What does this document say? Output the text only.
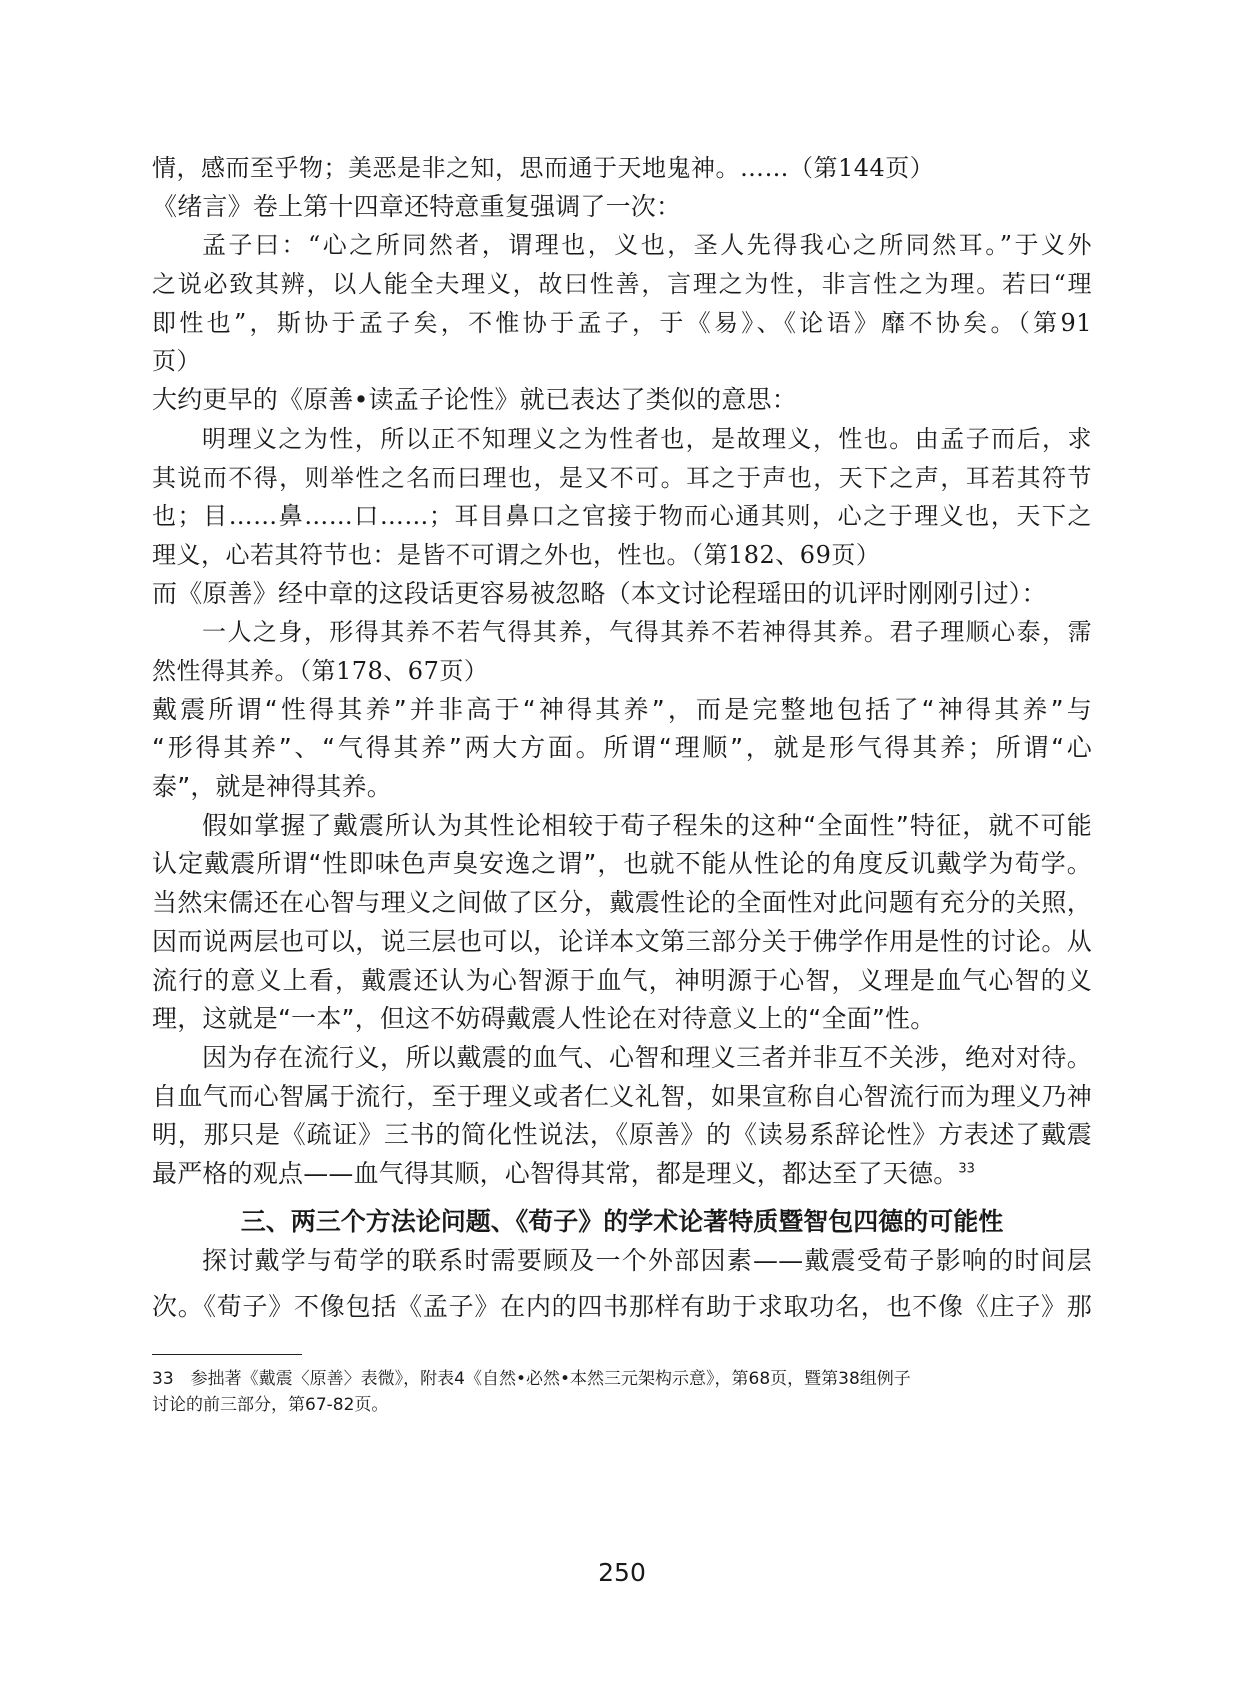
情，感而至乎物；美恶是非之知，思而通于天地鬼神。……（第144页）
《绪言》卷上第十四章还特意重复强调了一次：
孟子曰：“心之所同然者，谓理也，义也，圣人先得我心之所同然耳。”于义外
之说必致其辨，以人能全夫理义，故曰性善，言理之为性，非言性之为理。若曰“理
即性也”，斯协于孟子矣，不惟协于孟子，于《易》、《论语》靡不协矣。（第91
页）
大约更早的《原善•读孟子论性》就已表达了类似的意思：
明理义之为性，所以正不知理义之为性者也，是故理义，性也。由孟子而后，求
其说而不得，则举性之名而曰理也，是又不可。耳之于声也，天下之声，耳若其符节
也；目……鼻……口……；耳目鼻口之官接于物而心通其则，心之于理义也，天下之
理义，心若其符节也：是皆不可谓之外也，性也。（第182、69页）
而《原善》经中章的这段话更容易被忽略（本文讨论程瑶田的讥评时刚刚引过）：
一人之身，形得其养不若气得其养，气得其养不若神得其养。君子理顺心泰，霈
然性得其养。（第178、67页）
戴震所谓“性得其养”并非高于“神得其养”，而是完整地包括了“神得其养”与
“形得其养”、“气得其养”两大方面。所谓“理顺”，就是形气得其养；所谓“心
泰”，就是神得其养。
假如掌握了戴震所认为其性论相较于荀子程朱的这种“全面性”特征，就不可能
认定戴震所谓“性即味色声臭安逸之谓”，也就不能从性论的角度反讥戴学为荀学。
当然宋儒还在心智与理义之间做了区分，戴震性论的全面性对此问题有充分的关照，
因而说两层也可以，说三层也可以，论详本文第三部分关于佛学作用是性的讨论。从
流行的意义上看，戴震还认为心智源于血气，神明源于心智，义理是血气心智的义
理，这就是“一本”，但这不妨碍戴震人性论在对待意义上的“全面”性。
因为存在流行义，所以戴震的血气、心智和理义三者并非互不关涉，绝对对待。
自血气而心智属于流行，至于理义或者仁义礼智，如果宣称自心智流行而为理义乃神
明，那只是《疏证》三书的简化性说法，《原善》的《读易系辞论性》方表述了戴震
最严格的观点——血气得其顺，心智得其常，都是理义，都达至了天德。$^{33}$
三、两三个方法论问题、《荀子》的学术论著特质暨智包四德的可能性
探讨戴学与荀学的联系时需要顾及一个外部因素——戴震受荀子影响的时间层
次。《荀子》不像包括《孟子》在内的四书那样有助于求取功名，也不像《庄子》那
33　参拙著《戴震〈原善〉表微》，附表4《自然•必然•本然三元架构示意》，第68页，暨第38组例子
讨论的前三部分，第67-82页。
250
